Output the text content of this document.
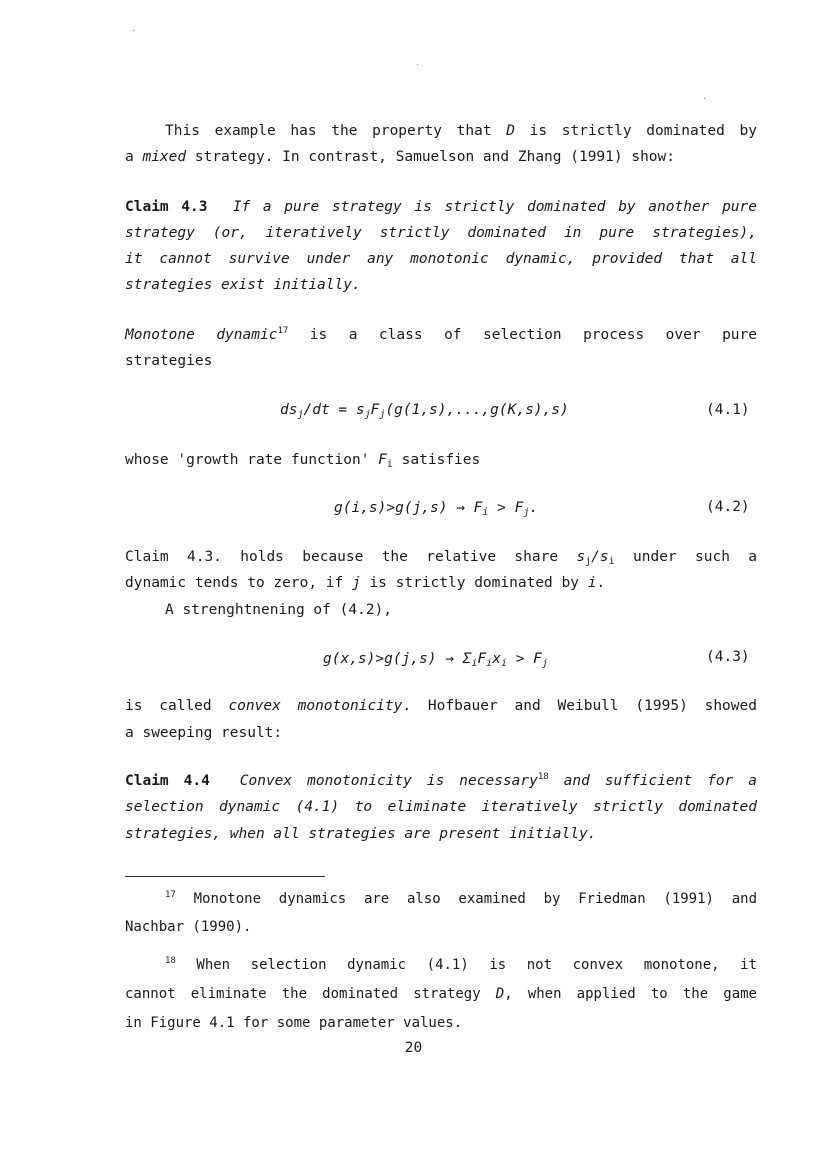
This example has the property that D is strictly dominated by
a mixed strategy. In contrast, Samuelson and Zhang (1991) show:
Claim 4.3 If a pure strategy is strictly dominated by another pure
strategy (or, iteratively strictly dominated in pure strategies),
it cannot survive under any monotonic dynamic, provided that all
strategies exist initially.
Monotone dynamic$^{17}$ is a class of selection process over pure
strategies
$ds_j/dt = s_jF_j(g(1,s),...,g(K,s),s)$	(4.1)
whose 'growth rate function' $F_i$ satisfies
$g(i,s)>g(j,s) \to F_i > F_j$.	(4.2)
Claim 4.3. holds because the relative share $s_j/s_i$ under such a
dynamic tends to zero, if j is strictly dominated by i.
A strenghtnening of (4.2),
$g(x,s)>g(j,s) \to \Sigma_iF_ix_i > F_j$	(4.3)
is called convex monotonicity. Hofbauer and Weibull (1995) showed
a sweeping result:
Claim 4.4 Convex monotonicity is necessary$^{18}$ and sufficient for a
selection dynamic (4.1) to eliminate iteratively strictly dominated
strategies, when all strategies are present initially.
$^{17}$ Monotone dynamics are also examined by Friedman (1991) and
Nachbar (1990).
$^{18}$ When selection dynamic (4.1) is not convex monotone, it
cannot eliminate the dominated strategy D, when applied to the game
in Figure 4.1 for some parameter values.
20
